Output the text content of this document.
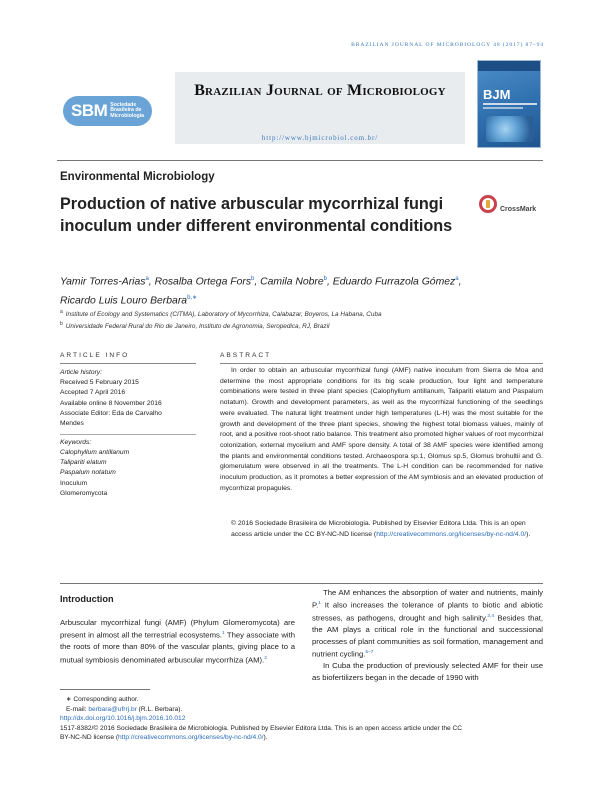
BRAZILIAN JOURNAL OF MICROBIOLOGY 48 (2017) 87–94
SBM Sociedade
Brasileira de
Microbiologia
Brazilian Journal of Microbiology
http://www.bjmicrobiol.com.br/
BJM
Environmental Microbiology
Production of native arbuscular mycorrhizal fungi inoculum under different environmental conditions
CrossMark
Yamir Torres-Arias$^a$, Rosalba Ortega Fors$^b$, Camila Nobre$^b$, Eduardo Furrazola Gómez$^a$,
Ricardo Luis Louro Berbara$^{b,∗}$
$^a$ Institute of Ecology and Systematics (CITMA), Laboratory of Mycorrhiza, Calabazar, Boyeros, La Habana, Cuba
$^b$ Universidade Federal Rural do Rio de Janeiro, Instituto de Agronomia, Seropedica, RJ, Brazil
ARTICLE INFO	ABSTRACT
Article history:
Received 5 February 2015
Accepted 7 April 2016
Available online 8 November 2016
Associate Editor: Eda de Carvalho
Mendes
Keywords:
Calophyllum antillanum
Talipariti elatum
Paspalum notatum
Inoculum
Glomeromycota

In order to obtain an arbuscular mycorrhizal fungi (AMF) native inoculum from Sierra de Moa and determine the most appropriate conditions for its big scale production, four light and temperature combinations were tested in three plant species (Calophyllum antillanum, Talipariti elatum and Paspalum notatum). Growth and development parameters, as well as the mycorrhizal functioning of the seedlings were evaluated. The natural light treatment under high temperatures (L-H) was the most suitable for the growth and development of the three plant species, showing the highest total biomass values, mainly of root, and a positive root-shoot ratio balance. This treatment also promoted higher values of root mycorrhizal colonization, external mycelium and AMF spore density. A total of 38 AMF species were identified among the plants and environmental conditions tested. Archaeospora sp.1, Glomus sp.5, Glomus brohultii and G. glomerulatum were observed in all the treatments. The L-H condition can be recommended for native inoculum production, as it promotes a better expression of the AM symbiosis and an elevated production of mycorrhizal propagules.

© 2016 Sociedade Brasileira de Microbiologia. Published by Elsevier Editora Ltda. This is an open access article under the CC BY-NC-ND license (http://creativecommons.org/licenses/by-nc-nd/4.0/).
Introduction
Arbuscular mycorrhizal fungi (AMF) (Phylum Glomeromycota) are present in almost all the terrestrial ecosystems.$^1$ They associate with the roots of more than 80% of the vascular plants, giving place to a mutual symbiosis denominated arbuscular mycorrhiza (AM).$^2$

The AM enhances the absorption of water and nutrients, mainly P.$^1$ It also increases the tolerance of plants to biotic and abiotic stresses, as pathogens, drought and high salinity.$^{3,4}$ Besides that, the AM plays a critical role in the functional and successional processes of plant communities as soil formation, management and nutrient cycling.$^{5-7}$

In Cuba the production of previously selected AMF for their use as biofertilizers began in the decade of 1990 with

∗ Corresponding author.
E-mail: berbara@ufrrj.br (R.L. Berbara).
http://dx.doi.org/10.1016/j.bjm.2016.10.012
1517-8382/© 2016 Sociedade Brasileira de Microbiologia. Published by Elsevier Editora Ltda. This is an open access article under the CC
BY-NC-ND license (http://creativecommons.org/licenses/by-nc-nd/4.0/).
